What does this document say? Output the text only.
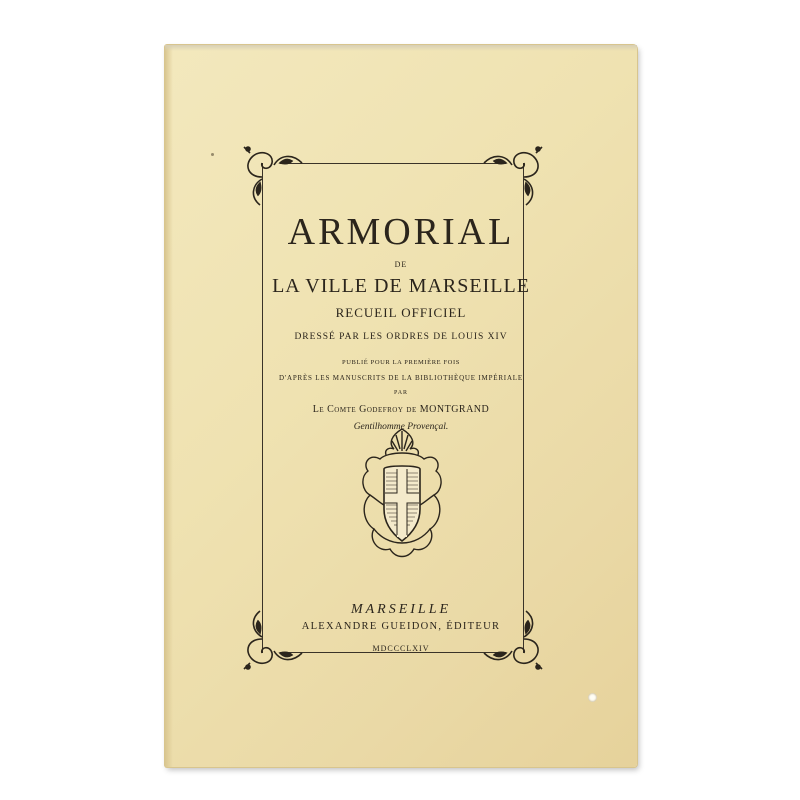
ARMORIAL
DE
LA VILLE DE MARSEILLE
RECUEIL OFFICIEL
DRESSÉ PAR LES ORDRES DE LOUIS XIV
PUBLIÉ POUR LA PREMIÈRE FOIS
D'APRÈS LES MANUSCRITS DE LA BIBLIOTHÈQUE IMPÉRIALE
PAR
Le Comte Godefroy de MONTGRAND
Gentilhomme Provençal.
MARSEILLE
ALEXANDRE GUEIDON, ÉDITEUR
MDCCCLXIV
